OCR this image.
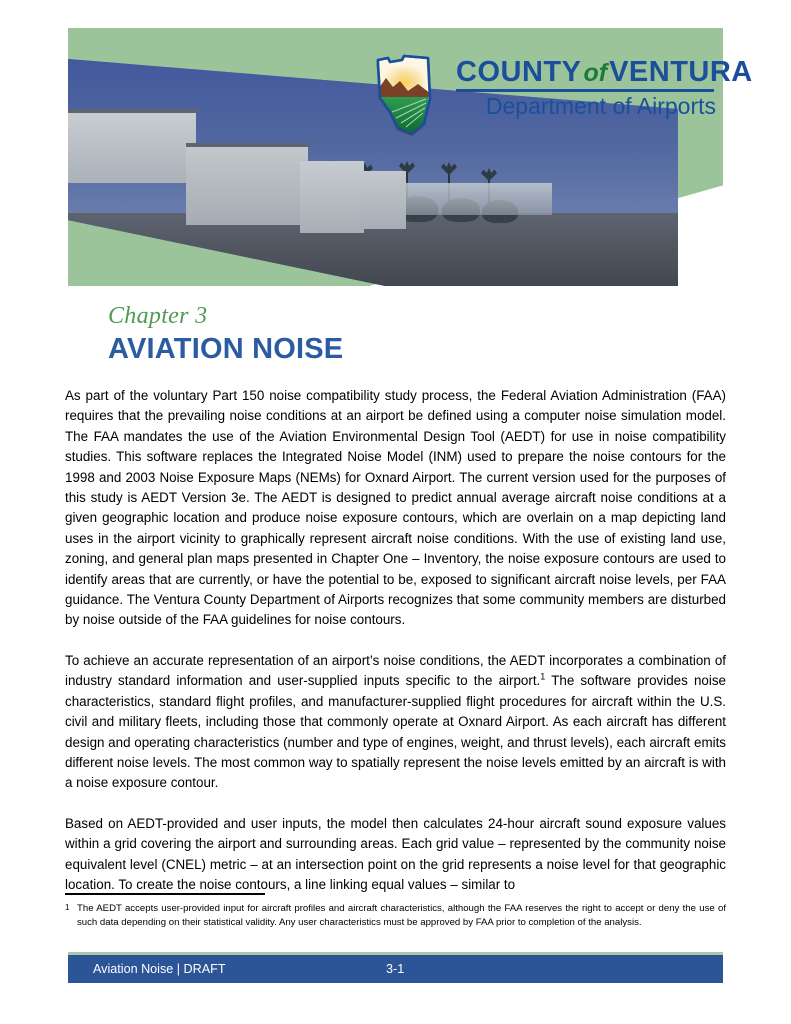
COUNTYofVENTURA
Department of Airports
Chapter 3
AVIATION NOISE

As part of the voluntary Part 150 noise compatibility study process, the Federal Aviation Administration (FAA) requires that the prevailing noise conditions at an airport be defined using a computer noise simulation model. The FAA mandates the use of the Aviation Environmental Design Tool (AEDT) for use in noise compatibility studies. This software replaces the Integrated Noise Model (INM) used to prepare the noise contours for the 1998 and 2003 Noise Exposure Maps (NEMs) for Oxnard Airport. The current version used for the purposes of this study is AEDT Version 3e. The AEDT is designed to predict annual average aircraft noise conditions at a given geographic location and produce noise exposure contours, which are overlain on a map depicting land uses in the airport vicinity to graphically represent aircraft noise conditions. With the use of existing land use, zoning, and general plan maps presented in Chapter One – Inventory, the noise exposure contours are used to identify areas that are currently, or have the potential to be, exposed to significant aircraft noise levels, per FAA guidance. The Ventura County Department of Airports recognizes that some community members are disturbed by noise outside of the FAA guidelines for noise contours.

To achieve an accurate representation of an airport’s noise conditions, the AEDT incorporates a combination of industry standard information and user-supplied inputs specific to the airport.$^1$ The software provides noise characteristics, standard flight profiles, and manufacturer-supplied flight procedures for aircraft within the U.S. civil and military fleets, including those that commonly operate at Oxnard Airport. As each aircraft has different design and operating characteristics (number and type of engines, weight, and thrust levels), each aircraft emits different noise levels. The most common way to spatially represent the noise levels emitted by an aircraft is with a noise exposure contour.

Based on AEDT-provided and user inputs, the model then calculates 24-hour aircraft sound exposure values within a grid covering the airport and surrounding areas. Each grid value – represented by the community noise equivalent level (CNEL) metric – at an intersection point on the grid represents a noise level for that geographic location. To create the noise contours, a line linking equal values – similar to

1 The AEDT accepts user-provided input for aircraft profiles and aircraft characteristics, although the FAA reserves the right to accept or deny the use of such data depending on their statistical validity. Any user characteristics must be approved by FAA prior to completion of the analysis.
Aviation Noise | DRAFT	3-1
